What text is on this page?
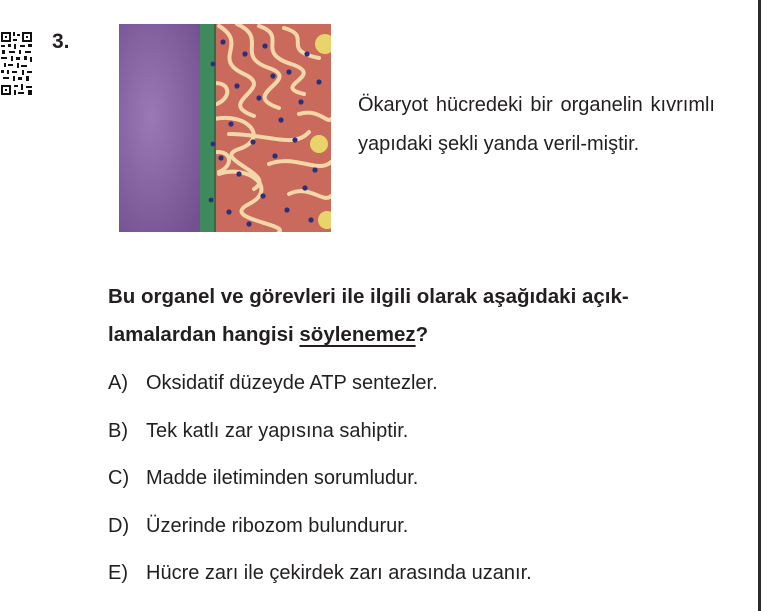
3.
Ökaryot hücredeki bir organelin kıvrımlı yapıdaki şekli yanda veril-miştir.
Bu organel ve görevleri ile ilgili olarak aşağıdaki açık-lamalardan hangisi söylenemez?
A) Oksidatif düzeyde ATP sentezler.
B) Tek katlı zar yapısına sahiptir.
C) Madde iletiminden sorumludur.
D) Üzerinde ribozom bulundurur.
E) Hücre zarı ile çekirdek zarı arasında uzanır.
